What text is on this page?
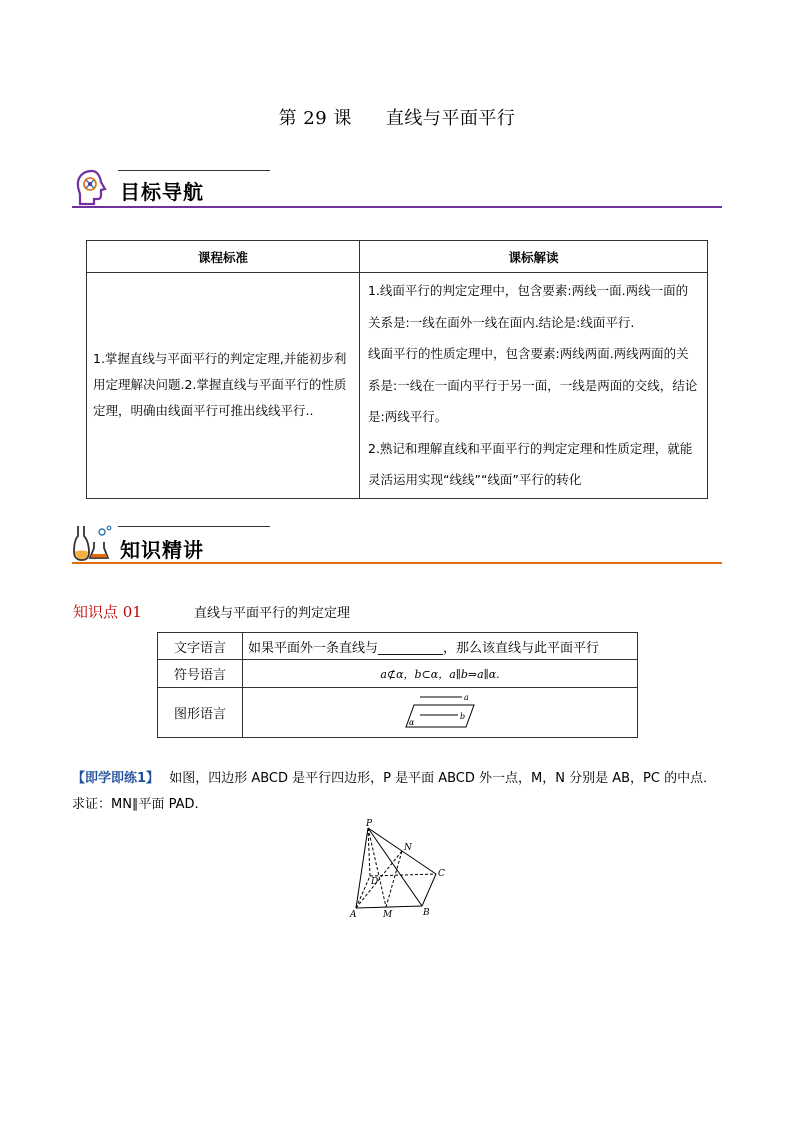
第 29 课 直线与平面平行
目标导航
课程标准	课标解读
1.掌握直线与平面平行的判定定理,并能初步利用定理解决问题.2.掌握直线与平面平行的性质定理，明确由线面平行可推出线线平行..	1.线面平行的判定定理中，包含要素:两线一面.两线一面的关系是:一线在面外一线在面内.结论是:线面平行.
线面平行的性质定理中，包含要素:两线两面.两线两面的关系是:一线在一面内平行于另一面，一线是两面的交线，结论是:两线平行。
2.熟记和理解直线和平面平行的判定定理和性质定理，就能灵活运用实现“线线”“线面”平行的转化
知识精讲
知识点 01	直线与平面平行的判定定理
文字语言	如果平面外一条直线与__________，那么该直线与此平面平行
符号语言	a⊄α，b⊂α，a∥b⇒a∥α.
图形语言	a
b
α
【即学即练1】 如图，四边形 ABCD 是平行四边形，P 是平面 ABCD 外一点，M，N 分别是 AB，PC 的中点．求证：MN∥平面 PAD.
P
N
D
C
A	M	B
